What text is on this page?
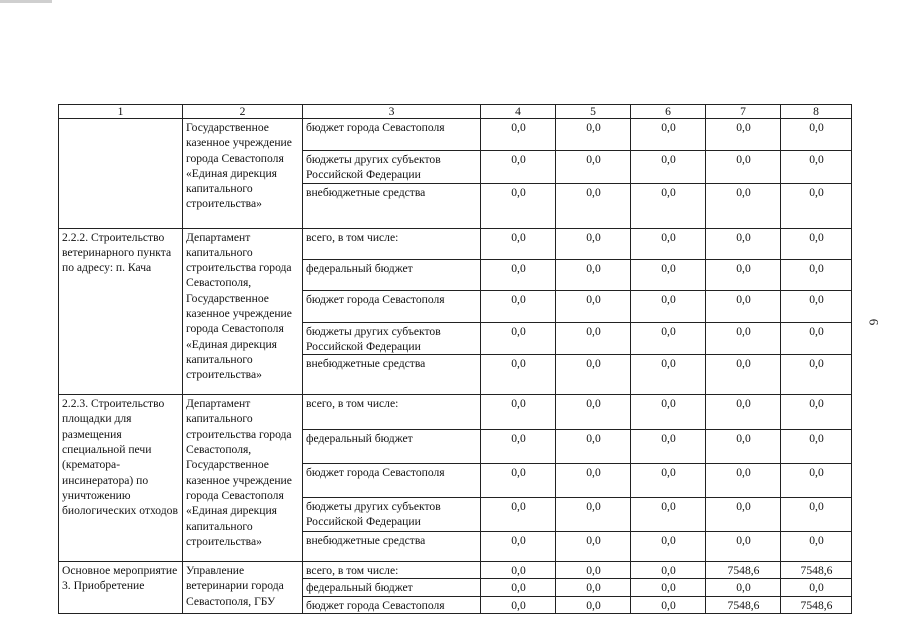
6
1	2	3	4	5	6	7	8
	Государственное казенное учреждение города Севастополя «Единая дирекция капитального строительства»	бюджет города Севастополя	0,0	0,0	0,0	0,0	0,0
		бюджеты других субъектов Российской Федерации	0,0	0,0	0,0	0,0	0,0
		внебюджетные средства	0,0	0,0	0,0	0,0	0,0
2.2.2. Строительство ветеринарного пункта по адресу: п. Кача	Департамент капитального строительства города Севастополя, Государственное казенное учреждение города Севастополя «Единая дирекция капитального строительства»	всего, в том числе:	0,0	0,0	0,0	0,0	0,0
		федеральный бюджет	0,0	0,0	0,0	0,0	0,0
		бюджет города Севастополя	0,0	0,0	0,0	0,0	0,0
		бюджеты других субъектов Российской Федерации	0,0	0,0	0,0	0,0	0,0
		внебюджетные средства	0,0	0,0	0,0	0,0	0,0
2.2.3. Строительство площадки для размещения специальной печи (крематора-инсинератора) по уничтожению биологических отходов	Департамент капитального строительства города Севастополя, Государственное казенное учреждение города Севастополя «Единая дирекция капитального строительства»	всего, в том числе:	0,0	0,0	0,0	0,0	0,0
		федеральный бюджет	0,0	0,0	0,0	0,0	0,0
		бюджет города Севастополя	0,0	0,0	0,0	0,0	0,0
		бюджеты других субъектов Российской Федерации	0,0	0,0	0,0	0,0	0,0
		внебюджетные средства	0,0	0,0	0,0	0,0	0,0
Основное мероприятие 3. Приобретение	Управление ветеринарии города Севастополя, ГБУ	всего, в том числе:	0,0	0,0	0,0	7548,6	7548,6
		федеральный бюджет	0,0	0,0	0,0	0,0	0,0
		бюджет города Севастополя	0,0	0,0	0,0	7548,6	7548,6
